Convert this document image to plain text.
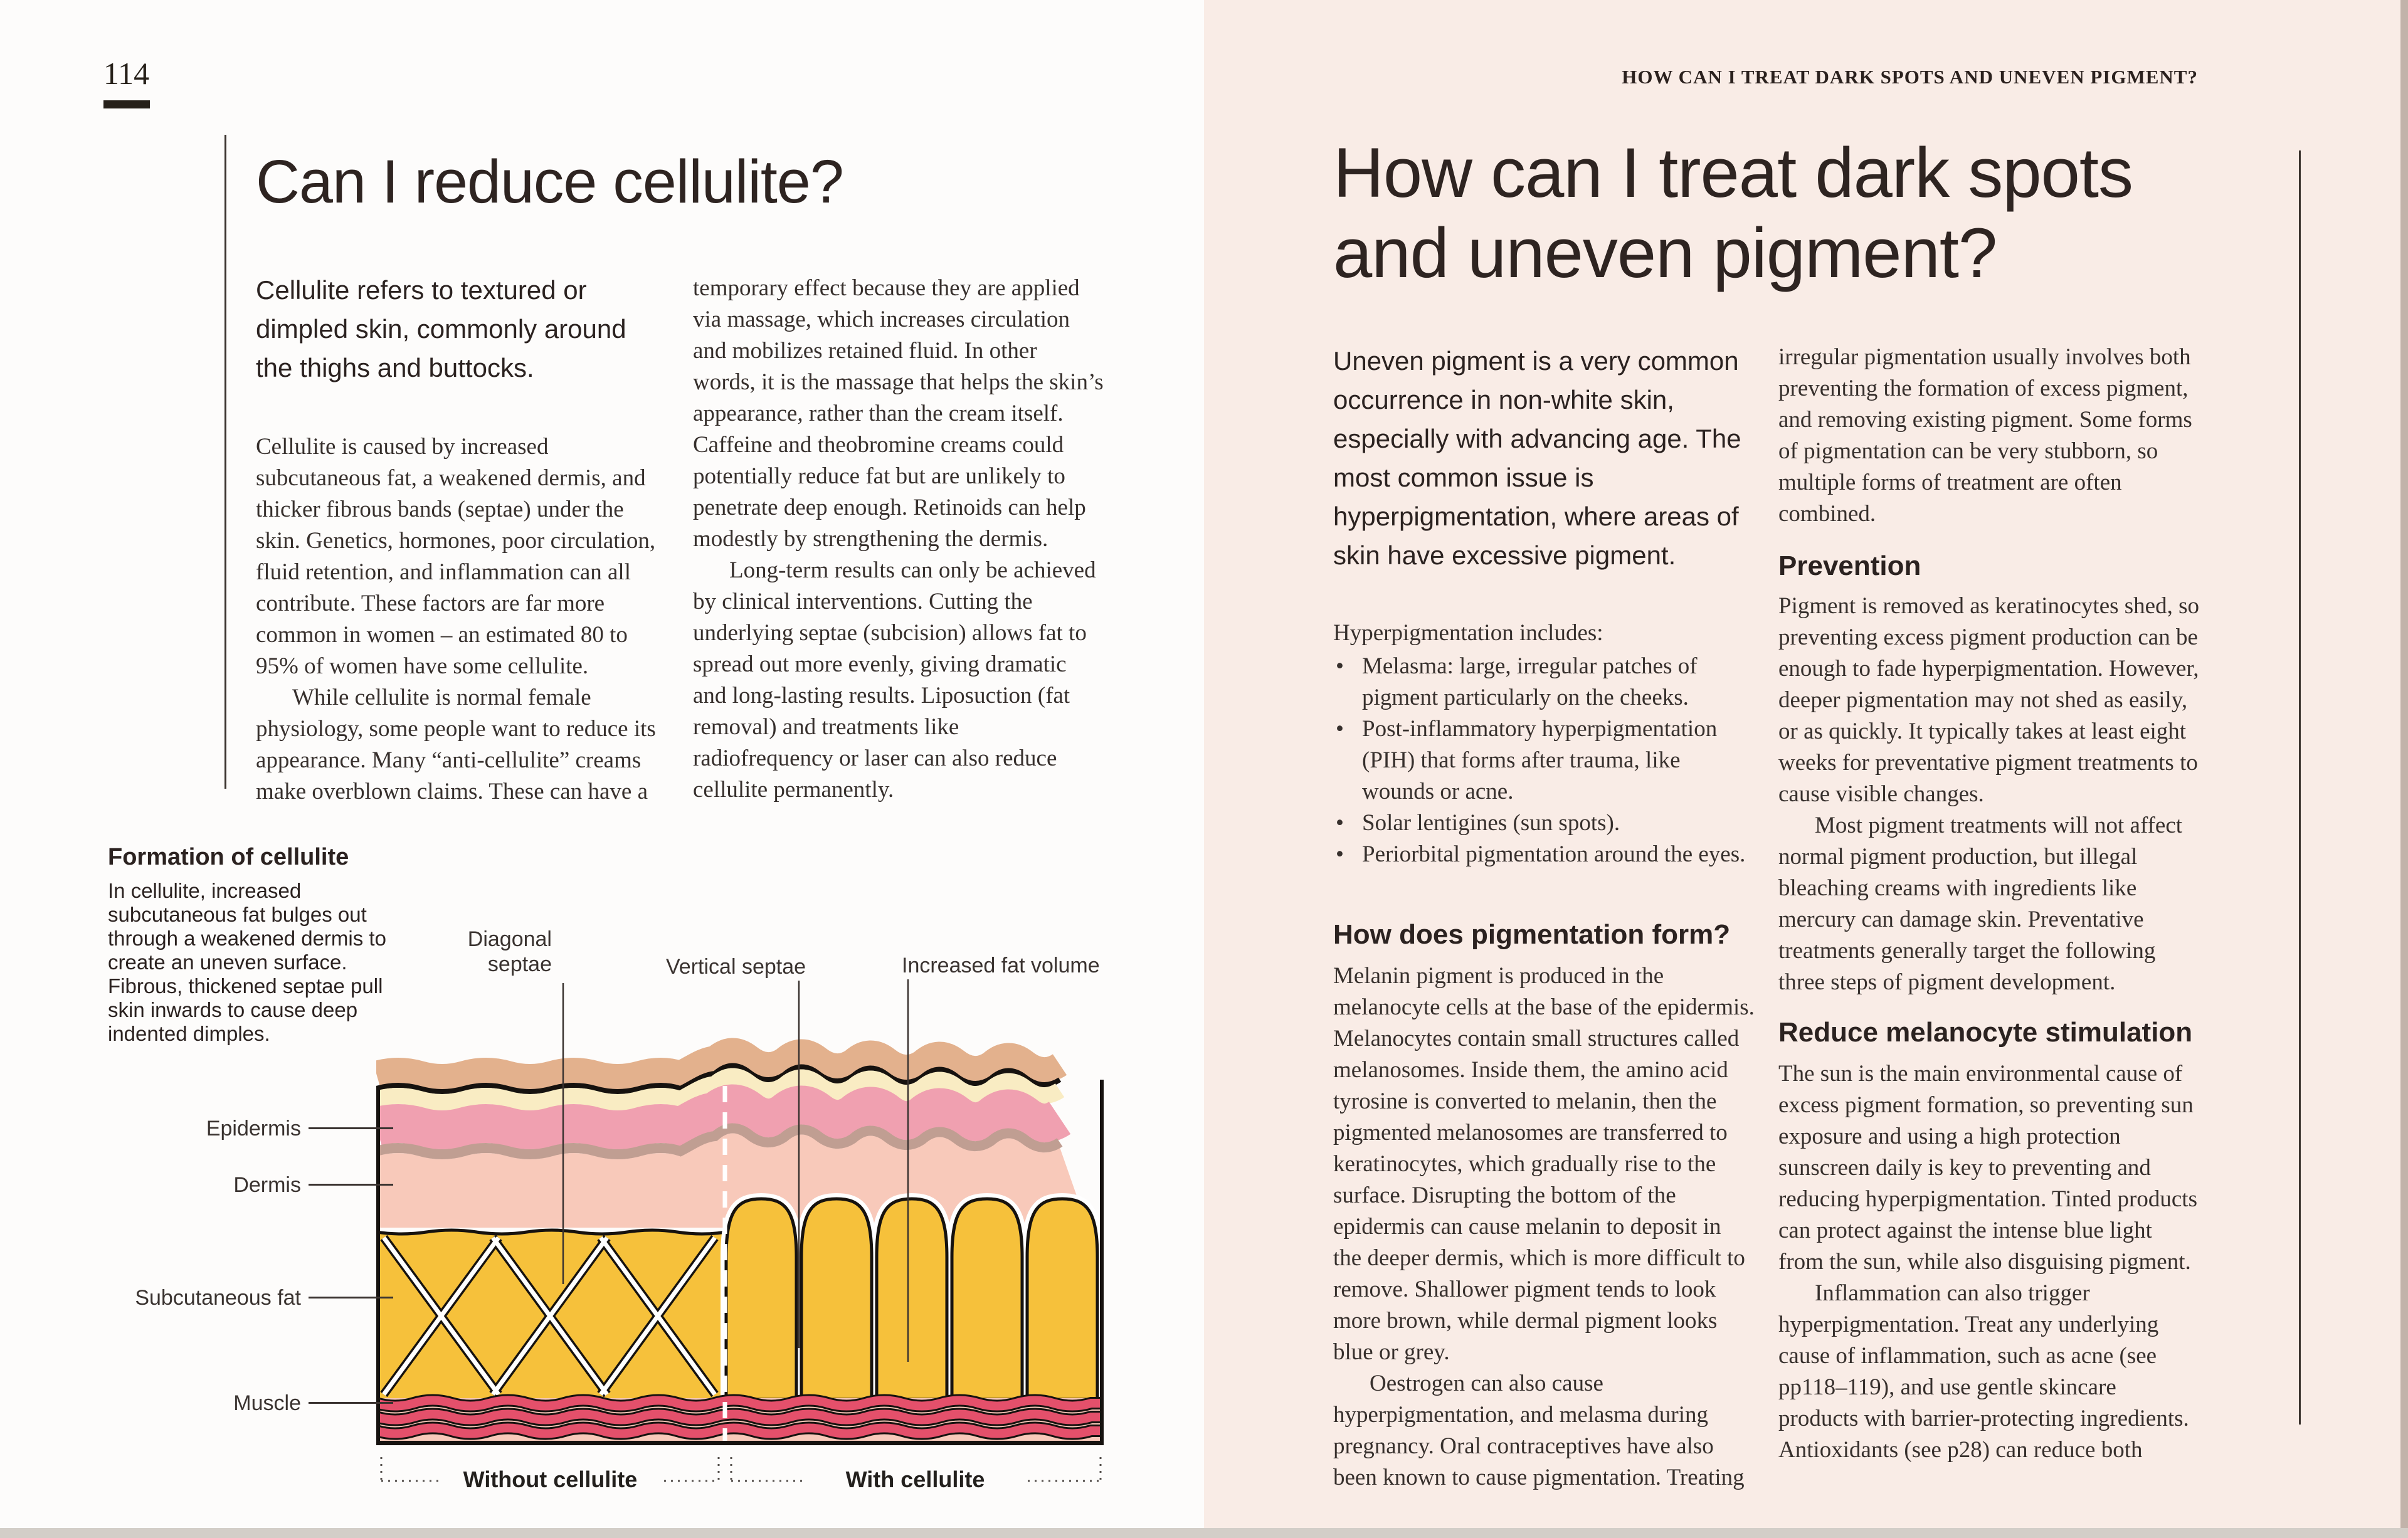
114
Can I reduce cellulite?
Cellulite refers to textured or dimpled skin, commonly around the thighs and buttocks.

Cellulite is caused by increased subcutaneous fat, a weakened dermis, and thicker fibrous bands (septae) under the skin. Genetics, hormones, poor circulation, fluid retention, and inflammation can all contribute. These factors are far more common in women – an estimated 80 to 95% of women have some cellulite.

While cellulite is normal female physiology, some people want to reduce its appearance. Many “anti-cellulite” creams make overblown claims. These can have a

temporary effect because they are applied via massage, which increases circulation and mobilizes retained fluid. In other words, it is the massage that helps the skin’s appearance, rather than the cream itself. Caffeine and theobromine creams could potentially reduce fat but are unlikely to penetrate deep enough. Retinoids can help modestly by strengthening the dermis.

Long-term results can only be achieved by clinical interventions. Cutting the underlying septae (subcision) allows fat to spread out more evenly, giving dramatic and long-lasting results. Liposuction (fat removal) and treatments like radiofrequency or laser can also reduce cellulite permanently.

Formation of cellulite
In cellulite, increased subcutaneous fat bulges out through a weakened dermis to create an uneven surface. Fibrous, thickened septae pull skin inwards to cause deep indented dimples.
Diagonal septae	Vertical septae	Increased fat volume
Epidermis
Dermis
Subcutaneous fat
Muscle
Without cellulite	With cellulite
HOW CAN I TREAT DARK SPOTS AND UNEVEN PIGMENT?
How can I treat dark spots
and uneven pigment?
Uneven pigment is a very common occurrence in non-white skin, especially with advancing age. The most common issue is hyperpigmentation, where areas of skin have excessive pigment.
Hyperpigmentation includes:
• Melasma: large, irregular patches of pigment particularly on the cheeks.
• Post-inflammatory hyperpigmentation (PIH) that forms after trauma, like wounds or acne.
• Solar lentigines (sun spots).
• Periorbital pigmentation around the eyes.
How does pigmentation form?

Melanin pigment is produced in the melanocyte cells at the base of the epidermis. Melanocytes contain small structures called melanosomes. Inside them, the amino acid tyrosine is converted to melanin, then the pigmented melanosomes are transferred to keratinocytes, which gradually rise to the surface. Disrupting the bottom of the epidermis can cause melanin to deposit in the deeper dermis, which is more difficult to remove. Shallower pigment tends to look more brown, while dermal pigment looks blue or grey.

Oestrogen can also cause hyperpigmentation, and melasma during pregnancy. Oral contraceptives have also been known to cause pigmentation. Treating

irregular pigmentation usually involves both preventing the formation of excess pigment, and removing existing pigment. Some forms of pigmentation can be very stubborn, so multiple forms of treatment are often combined.

Prevention

Pigment is removed as keratinocytes shed, so preventing excess pigment production can be enough to fade hyperpigmentation. However, deeper pigmentation may not shed as easily, or as quickly. It typically takes at least eight weeks for preventative pigment treatments to cause visible changes.

Most pigment treatments will not affect normal pigment production, but illegal bleaching creams with ingredients like mercury can damage skin. Preventative treatments generally target the following three steps of pigment development.

Reduce melanocyte stimulation

The sun is the main environmental cause of excess pigment formation, so preventing sun exposure and using a high protection sunscreen daily is key to preventing and reducing hyperpigmentation. Tinted products can protect against the intense blue light from the sun, while also disguising pigment.

Inflammation can also trigger hyperpigmentation. Treat any underlying cause of inflammation, such as acne (see pp118–119), and use gentle skincare products with barrier-protecting ingredients. Antioxidants (see p28) can reduce both
